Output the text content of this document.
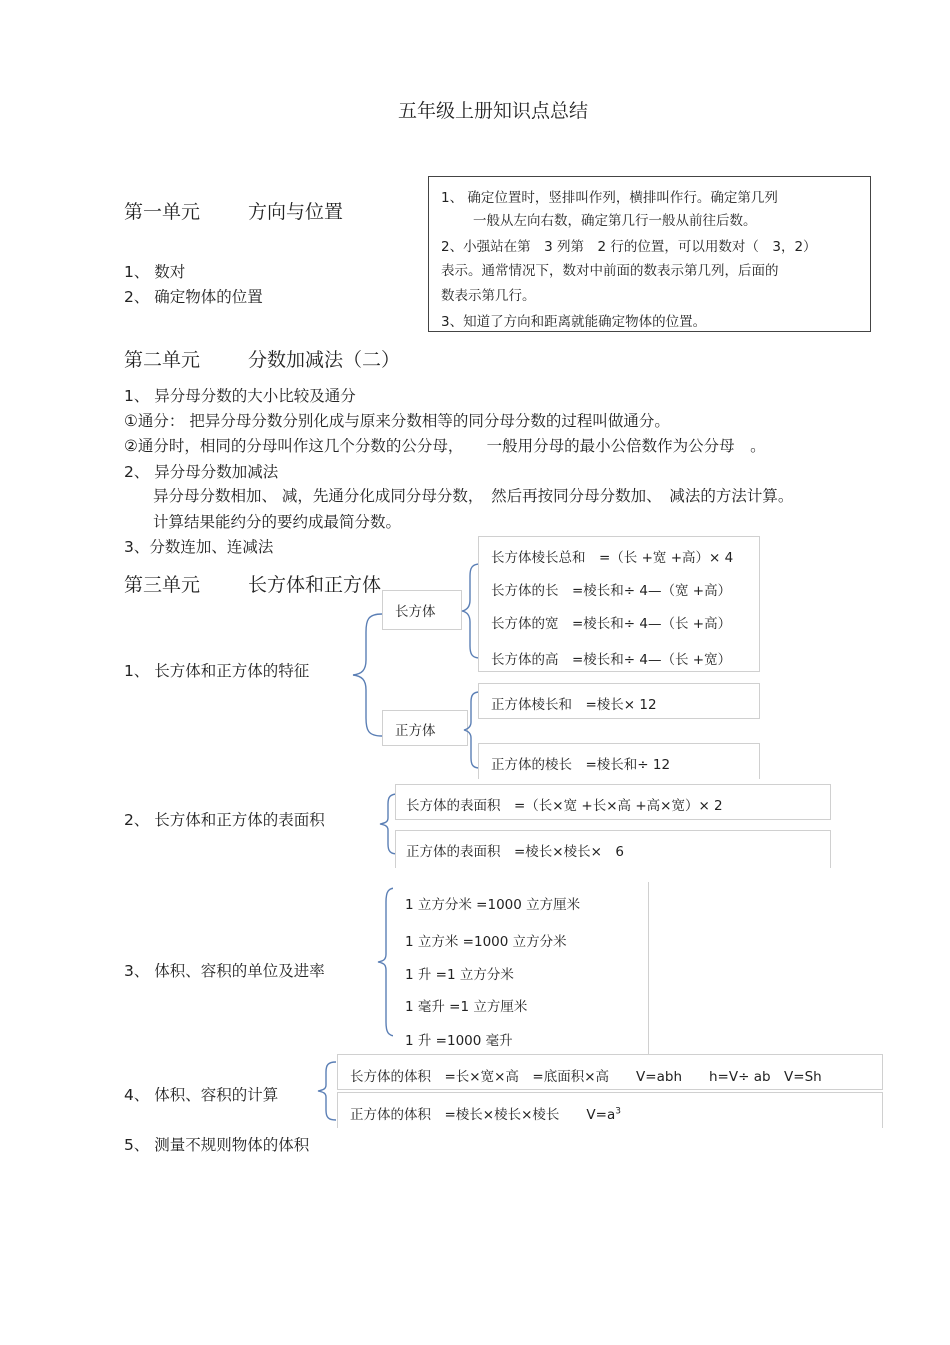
五年级上册知识点总结
第一单元	方向与位置
1、 数对
2、 确定物体的位置
1、 确定位置时，竖排叫作列，横排叫作行。确定第几列
一般从左向右数，确定第几行一般从前往后数。
2、小强站在第　3 列第　2 行的位置，可以用数对（　3，2）
表示。通常情况下，数对中前面的数表示第几列，后面的
数表示第几行。
3、知道了方向和距离就能确定物体的位置。
第二单元	分数加减法（二）
1、 异分母分数的大小比较及通分
①通分： 把异分母分数分别化成与原来分数相等的同分母分数的过程叫做通分。
②通分时，相同的分母叫作这几个分数的公分母，　　一般用分母的最小公倍数作为公分母　。
2、 异分母分数加减法
异分母分数相加、 减，先通分化成同分母分数，　然后再按同分母分数加、　减法的方法计算。
计算结果能约分的要约成最简分数。
3、分数连加、连减法
第三单元	长方体和正方体
1、 长方体和正方体的特征
长方体
长方体棱长总和　=（长 +宽 +高）× 4
长方体的长　=棱长和÷ 4—（宽 +高）
长方体的宽　=棱长和÷ 4—（长 +高）
长方体的高　=棱长和÷ 4—（长 +宽）
正方体
正方体棱长和　=棱长× 12
正方体的棱长　=棱长和÷ 12
2、 长方体和正方体的表面积
长方体的表面积　=（长×宽 +长×高 +高×宽）× 2
正方体的表面积　=棱长×棱长×　6
3、 体积、容积的单位及进率
1 立方分米 =1000 立方厘米
1 立方米 =1000 立方分米
1 升 =1 立方分米
1 毫升 =1 立方厘米
1 升 =1000 毫升
4、 体积、容积的计算
长方体的体积　=长×宽×高　=底面积×高　　V=abh　　h=V÷ ab　V=Sh
正方体的体积　=棱长×棱长×棱长　　$V=a^3$
5、 测量不规则物体的体积
